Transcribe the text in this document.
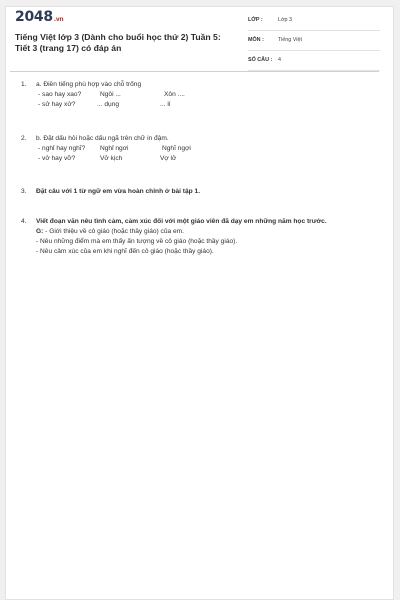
2048.vn
Tiếng Việt lớp 3 (Dành cho buổi học thứ 2) Tuần 5: Tiết 3 (trang 17) có đáp án
LỚP :	Lớp 3
MÔN :	Tiếng Việt
SỐ CÂU : 4
1. a. Điền tiếng phù hợp vào chỗ trống
- sao hay xao?	Ngôi ...	Xôn ....
- sử hay xử?	... dụng	... lí
2. b. Đặt dấu hỏi hoặc dấu ngã trên chữ in đậm.
- nghỉ hay nghĩ? Nghỉ ngơi	Nghĩ ngợi
- vở hay vỡ?	Vở kịch	Vợ lở
3. Đặt câu với 1 từ ngữ em vừa hoàn chỉnh ở bài tập 1.
4. Viết đoạn văn nêu tình cảm, cảm xúc đối với một giáo viên đã dạy em những năm học trước.
G: - Giới thiệu về cô giáo (hoặc thầy giáo) của em.
- Nêu những điểm mà em thấy ấn tượng về cô giáo (hoặc thầy giáo).
- Nêu cảm xúc của em khi nghĩ đến cô giáo (hoặc thầy giáo).
